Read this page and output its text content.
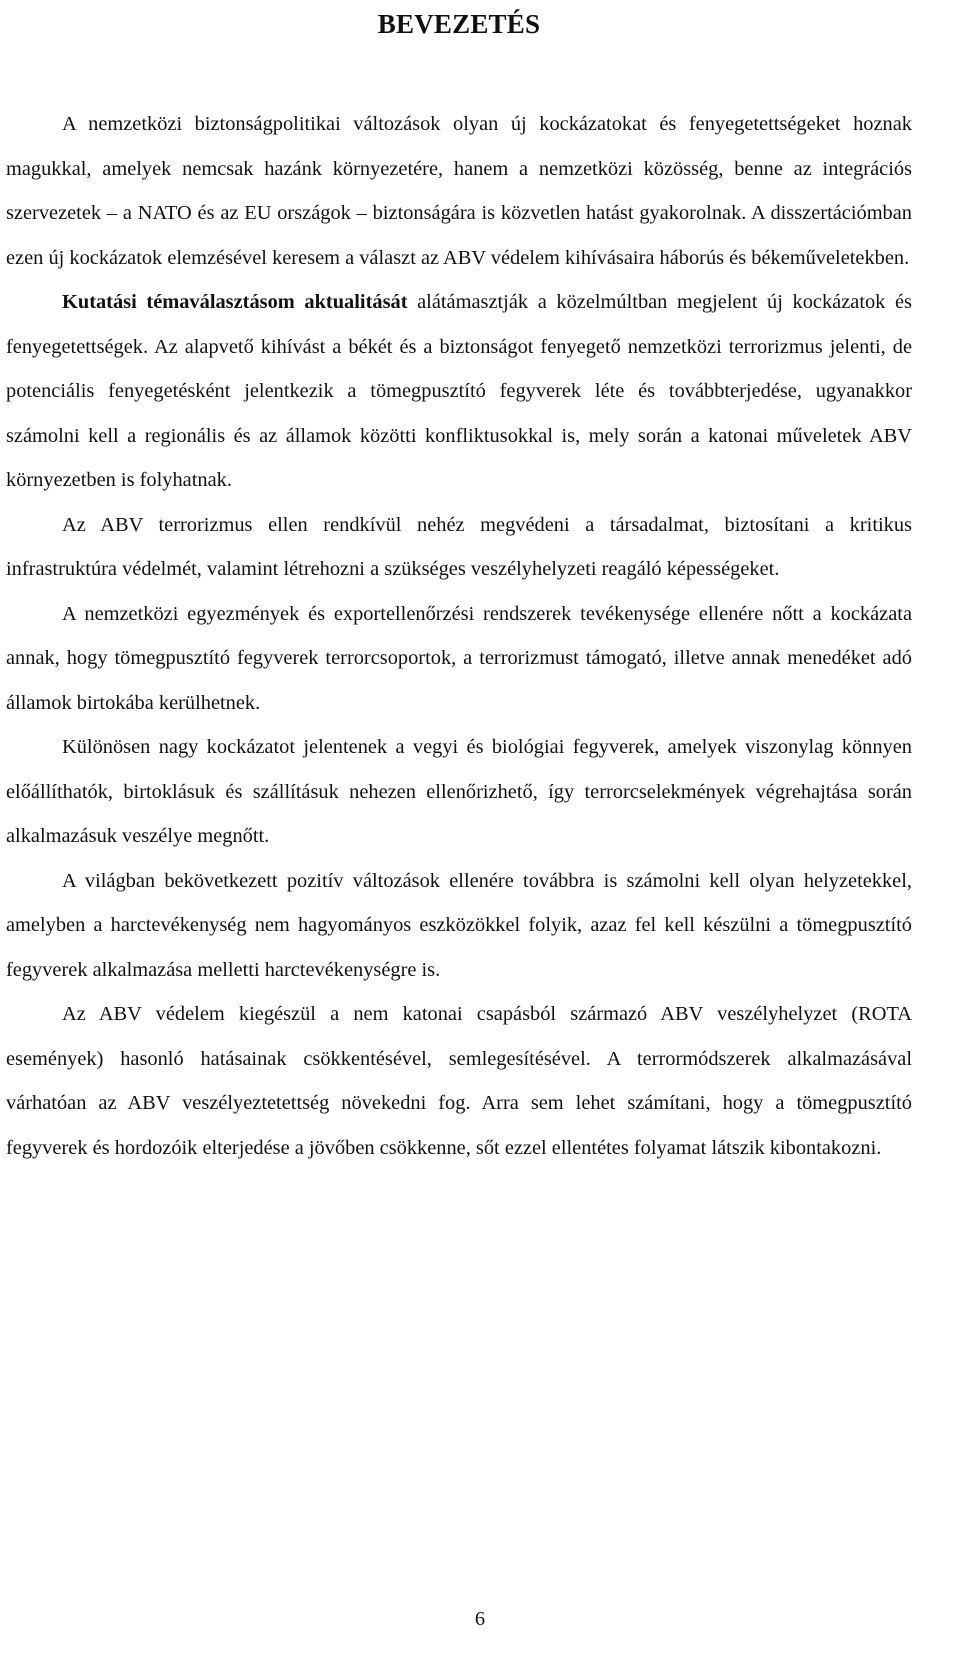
BEVEZETÉS

A nemzetközi biztonságpolitikai változások olyan új kockázatokat és fenyegetettségeket hoznak magukkal, amelyek nemcsak hazánk környezetére, hanem a nemzetközi közösség, benne az integrációs szervezetek – a NATO és az EU országok – biztonságára is közvetlen hatást gyakorolnak. A disszertációmban ezen új kockázatok elemzésével keresem a választ az ABV védelem kihívásaira háborús és békeműveletekben.

Kutatási témaválasztásom aktualitását alátámasztják a közelmúltban megjelent új kockázatok és fenyegetettségek. Az alapvető kihívást a békét és a biztonságot fenyegető nemzetközi terrorizmus jelenti, de potenciális fenyegetésként jelentkezik a tömegpusztító fegyverek léte és továbbterjedése, ugyanakkor számolni kell a regionális és az államok közötti konfliktusokkal is, mely során a katonai műveletek ABV környezetben is folyhatnak.

Az ABV terrorizmus ellen rendkívül nehéz megvédeni a társadalmat, biztosítani a kritikus infrastruktúra védelmét, valamint létrehozni a szükséges veszélyhelyzeti reagáló képességeket.

A nemzetközi egyezmények és exportellenőrzési rendszerek tevékenysége ellenére nőtt a kockázata annak, hogy tömegpusztító fegyverek terrorcsoportok, a terrorizmust támogató, illetve annak menedéket adó államok birtokába kerülhetnek.

Különösen nagy kockázatot jelentenek a vegyi és biológiai fegyverek, amelyek viszonylag könnyen előállíthatók, birtoklásuk és szállításuk nehezen ellenőrizhető, így terrorcselekmények végrehajtása során alkalmazásuk veszélye megnőtt.

A világban bekövetkezett pozitív változások ellenére továbbra is számolni kell olyan helyzetekkel, amelyben a harctevékenység nem hagyományos eszközökkel folyik, azaz fel kell készülni a tömegpusztító fegyverek alkalmazása melletti harctevékenységre is.

Az ABV védelem kiegészül a nem katonai csapásból származó ABV veszélyhelyzet (ROTA események) hasonló hatásainak csökkentésével, semlegesítésével. A terrormódszerek alkalmazásával várhatóan az ABV veszélyeztetettség növekedni fog. Arra sem lehet számítani, hogy a tömegpusztító fegyverek és hordozóik elterjedése a jövőben csökkenne, sőt ezzel ellentétes folyamat látszik kibontakozni.

6
